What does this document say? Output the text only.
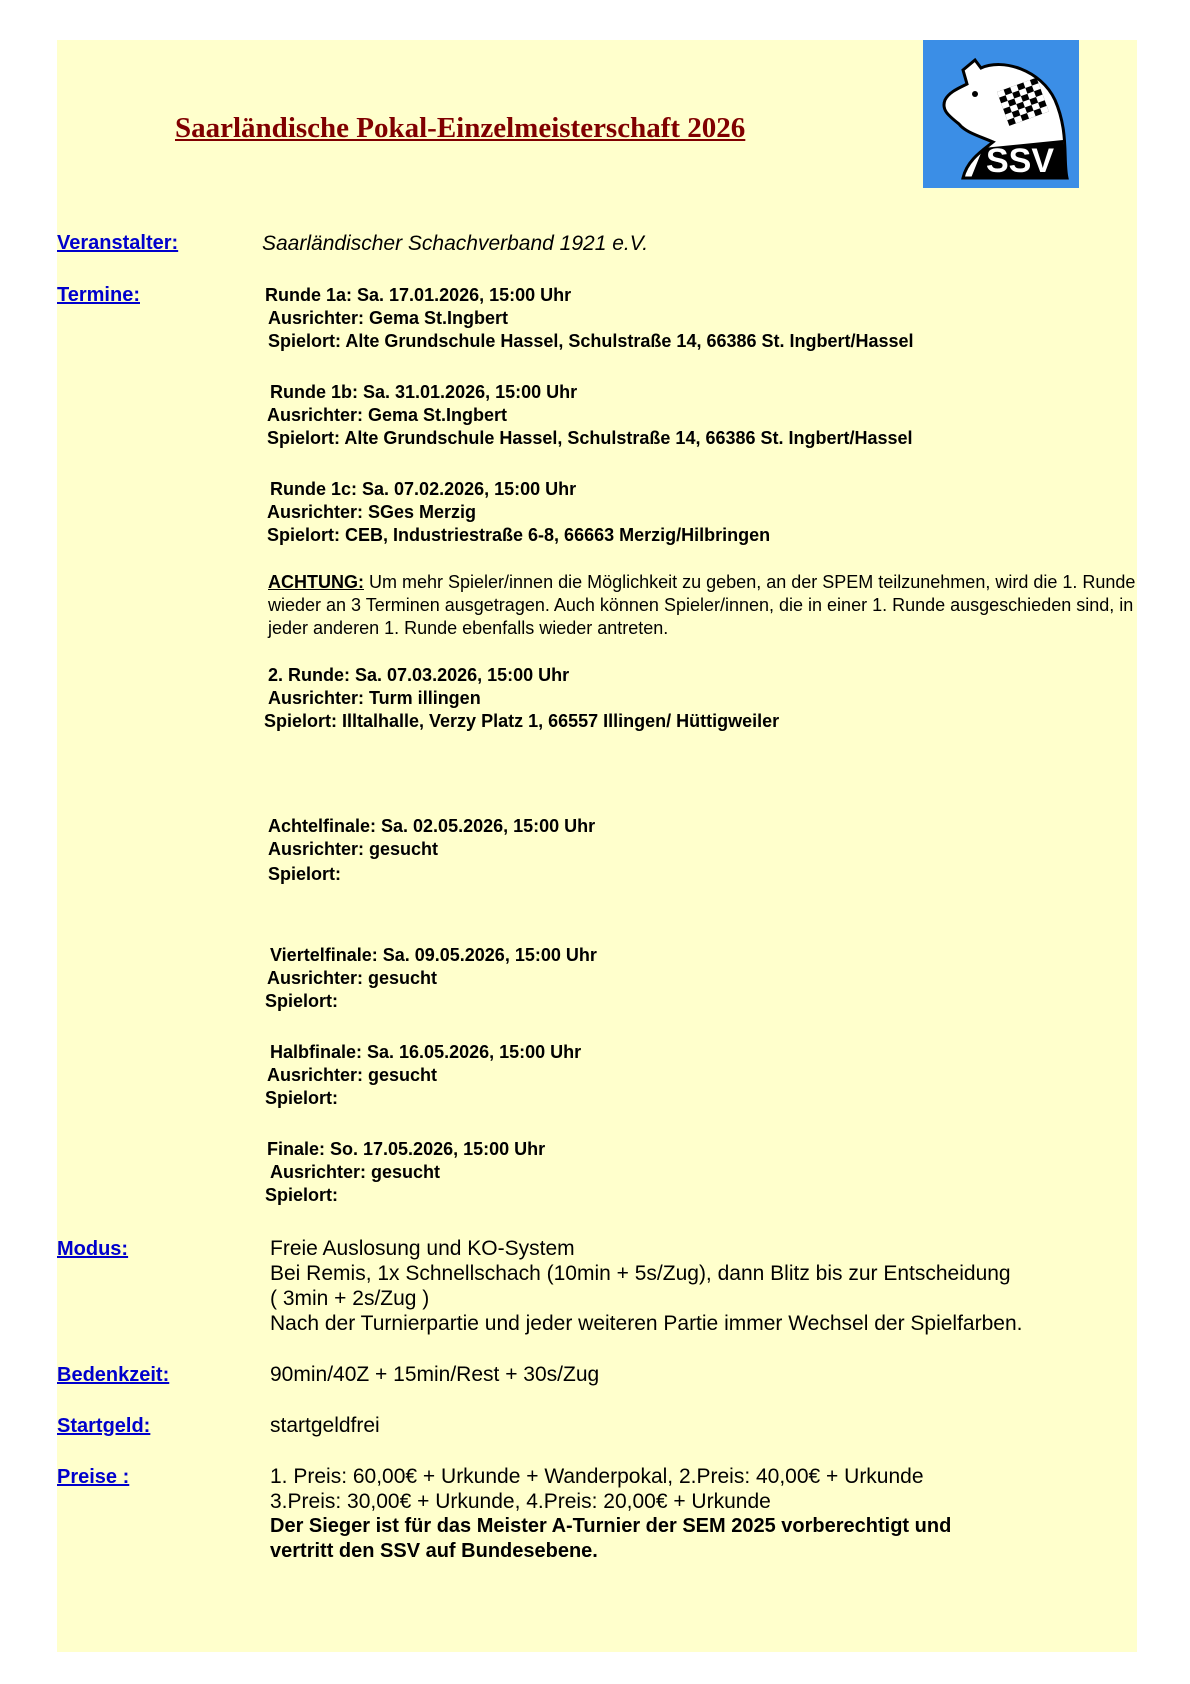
Saarländische Pokal-Einzelmeisterschaft 2026
SSV
Veranstalter:	Saarländischer Schachverband 1921 e.V.
Termine:	Runde 1a: Sa. 17.01.2026, 15:00 Uhr
Ausrichter: Gema St.Ingbert
Spielort: Alte Grundschule Hassel, Schulstraße 14, 66386 St. Ingbert/Hassel
Runde 1b: Sa. 31.01.2026, 15:00 Uhr
Ausrichter: Gema St.Ingbert
Spielort: Alte Grundschule Hassel, Schulstraße 14, 66386 St. Ingbert/Hassel
Runde 1c: Sa. 07.02.2026, 15:00 Uhr
Ausrichter: SGes Merzig
Spielort: CEB, Industriestraße 6-8, 66663 Merzig/Hilbringen
ACHTUNG: Um mehr Spieler/innen die Möglichkeit zu geben, an der SPEM teilzunehmen, wird die 1. Runde wieder an 3 Terminen ausgetragen. Auch können Spieler/innen, die in einer 1. Runde ausgeschieden sind, in jeder anderen 1. Runde ebenfalls wieder antreten.
2. Runde: Sa. 07.03.2026, 15:00 Uhr
Ausrichter: Turm illingen
Spielort: Illtalhalle, Verzy Platz 1, 66557 Illingen/ Hüttigweiler
Achtelfinale: Sa. 02.05.2026, 15:00 Uhr
Ausrichter: gesucht
Spielort:
Viertelfinale: Sa. 09.05.2026, 15:00 Uhr
Ausrichter: gesucht
Spielort:
Halbfinale: Sa. 16.05.2026, 15:00 Uhr
Ausrichter: gesucht
Spielort:
Finale: So. 17.05.2026, 15:00 Uhr
Ausrichter: gesucht
Spielort:
Modus:	Freie Auslosung und KO-System
Bei Remis, 1x Schnellschach (10min + 5s/Zug), dann Blitz bis zur Entscheidung
( 3min + 2s/Zug )
Nach der Turnierpartie und jeder weiteren Partie immer Wechsel der Spielfarben.
Bedenkzeit:	90min/40Z + 15min/Rest + 30s/Zug
Startgeld:	startgeldfrei
Preise :	1. Preis: 60,00€ + Urkunde + Wanderpokal, 2.Preis: 40,00€ + Urkunde
3.Preis: 30,00€ + Urkunde, 4.Preis: 20,00€ + Urkunde
Der Sieger ist für das Meister A-Turnier der SEM 2025 vorberechtigt und
vertritt den SSV auf Bundesebene.
